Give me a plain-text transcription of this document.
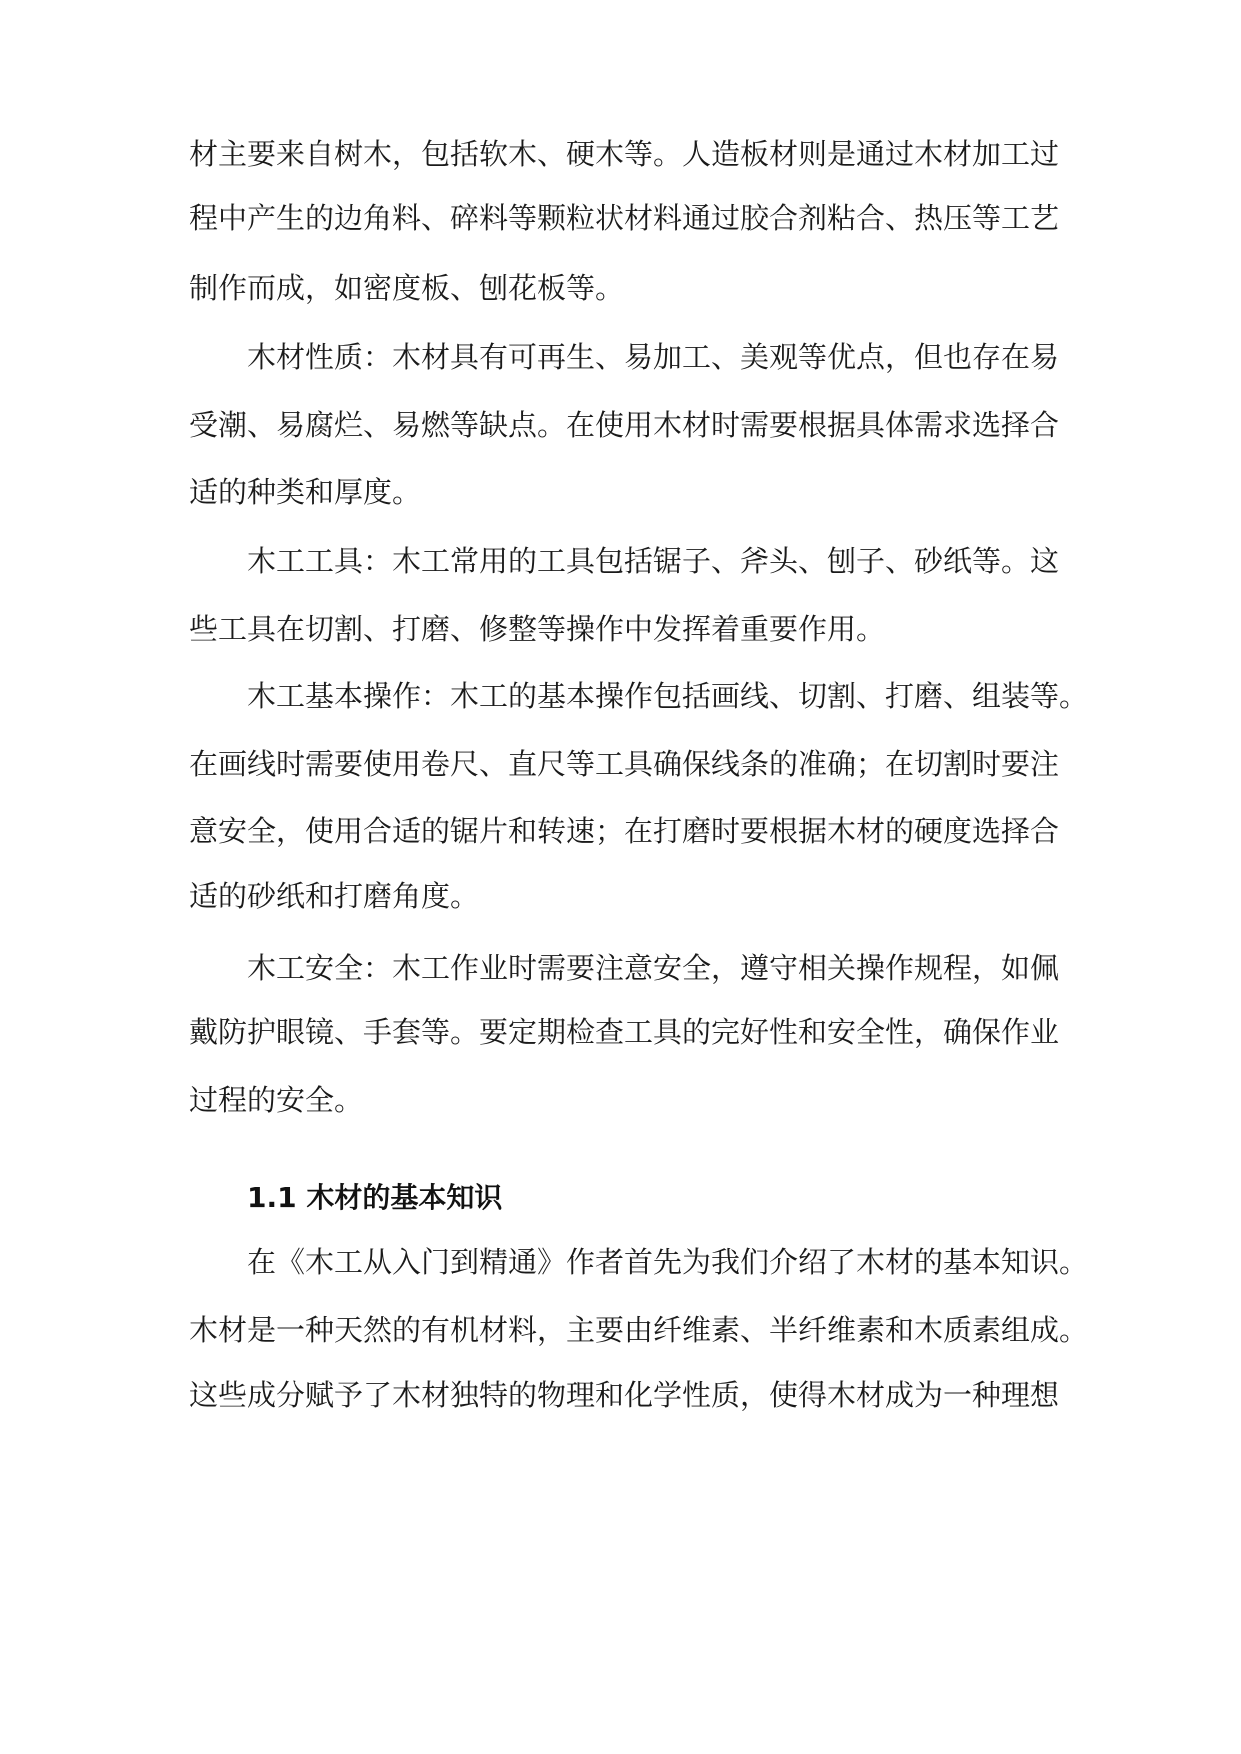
材主要来自树木，包括软木、硬木等。人造板材则是通过木材加工过
程中产生的边角料、碎料等颗粒状材料通过胶合剂粘合、热压等工艺
制作而成，如密度板、刨花板等。
木材性质：木材具有可再生、易加工、美观等优点，但也存在易
受潮、易腐烂、易燃等缺点。在使用木材时需要根据具体需求选择合
适的种类和厚度。
木工工具：木工常用的工具包括锯子、斧头、刨子、砂纸等。这
些工具在切割、打磨、修整等操作中发挥着重要作用。
木工基本操作：木工的基本操作包括画线、切割、打磨、组装等。
在画线时需要使用卷尺、直尺等工具确保线条的准确；在切割时要注
意安全，使用合适的锯片和转速；在打磨时要根据木材的硬度选择合
适的砂纸和打磨角度。
木工安全：木工作业时需要注意安全，遵守相关操作规程，如佩
戴防护眼镜、手套等。要定期检查工具的完好性和安全性，确保作业
过程的安全。
1.1 木材的基本知识
在《木工从入门到精通》作者首先为我们介绍了木材的基本知识。
木材是一种天然的有机材料，主要由纤维素、半纤维素和木质素组成。
这些成分赋予了木材独特的物理和化学性质，使得木材成为一种理想
